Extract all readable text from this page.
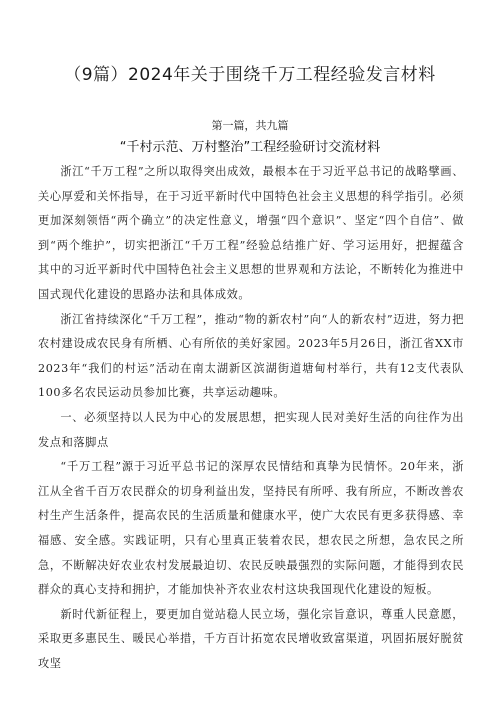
（9篇）2024年关于围绕千万工程经验发言材料
第一篇，共九篇
“千村示范、万村整治”工程经验研讨交流材料

浙江“千万工程”之所以取得突出成效，最根本在于习近平总书记的战略擘画、关心厚爱和关怀指导，在于习近平新时代中国特色社会主义思想的科学指引。必须更加深刻领悟“两个确立”的决定性意义，增强“四个意识”、坚定“四个自信”、做到“两个维护”，切实把浙江“千万工程”经验总结推广好、学习运用好，把握蕴含其中的习近平新时代中国特色社会主义思想的世界观和方法论，不断转化为推进中国式现代化建设的思路办法和具体成效。

浙江省持续深化“千万工程”，推动“物的新农村”向“人的新农村”迈进，努力把农村建设成农民身有所栖、心有所依的美好家园。2023年5月26日，浙江省XX市2023年“我们的村运”活动在南太湖新区滨湖街道塘甸村举行，共有12支代表队100多名农民运动员参加比赛，共享运动趣味。

一、必须坚持以人民为中心的发展思想，把实现人民对美好生活的向往作为出发点和落脚点

“千万工程”源于习近平总书记的深厚农民情结和真挚为民情怀。20年来，浙江从全省千百万农民群众的切身利益出发，坚持民有所呼、我有所应，不断改善农村生产生活条件，提高农民的生活质量和健康水平，使广大农民有更多获得感、幸福感、安全感。实践证明，只有心里真正装着农民，想农民之所想，急农民之所急，不断解决好农业农村发展最迫切、农民反映最强烈的实际问题，才能得到农民群众的真心支持和拥护，才能加快补齐农业农村这块我国现代化建设的短板。

新时代新征程上，要更加自觉站稳人民立场，强化宗旨意识，尊重人民意愿，采取更多惠民生、暖民心举措，千方百计拓宽农民增收致富渠道，巩固拓展好脱贫攻坚
